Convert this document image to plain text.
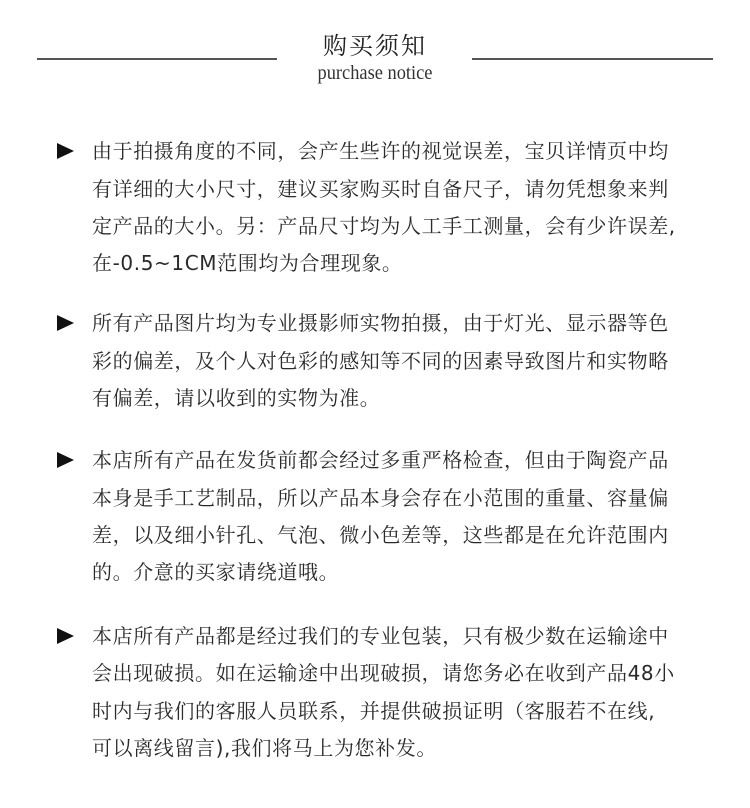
购买须知
purchase notice
由于拍摄角度的不同，会产生些许的视觉误差，宝贝详情页中均
有详细的大小尺寸，建议买家购买时自备尺子，请勿凭想象来判
定产品的大小。另：产品尺寸均为人工手工测量，会有少许误差,
在-0.5~1CM范围均为合理现象。
所有产品图片均为专业摄影师实物拍摄，由于灯光、显示器等色
彩的偏差，及个人对色彩的感知等不同的因素导致图片和实物略
有偏差，请以收到的实物为准。
本店所有产品在发货前都会经过多重严格检查，但由于陶瓷产品
本身是手工艺制品，所以产品本身会存在小范围的重量、容量偏
差，以及细小针孔、气泡、微小色差等，这些都是在允许范围内
的。介意的买家请绕道哦。
本店所有产品都是经过我们的专业包装，只有极少数在运输途中
会出现破损。如在运输途中出现破损，请您务必在收到产品48小
时内与我们的客服人员联系，并提供破损证明（客服若不在线,
可以离线留言),我们将马上为您补发。
